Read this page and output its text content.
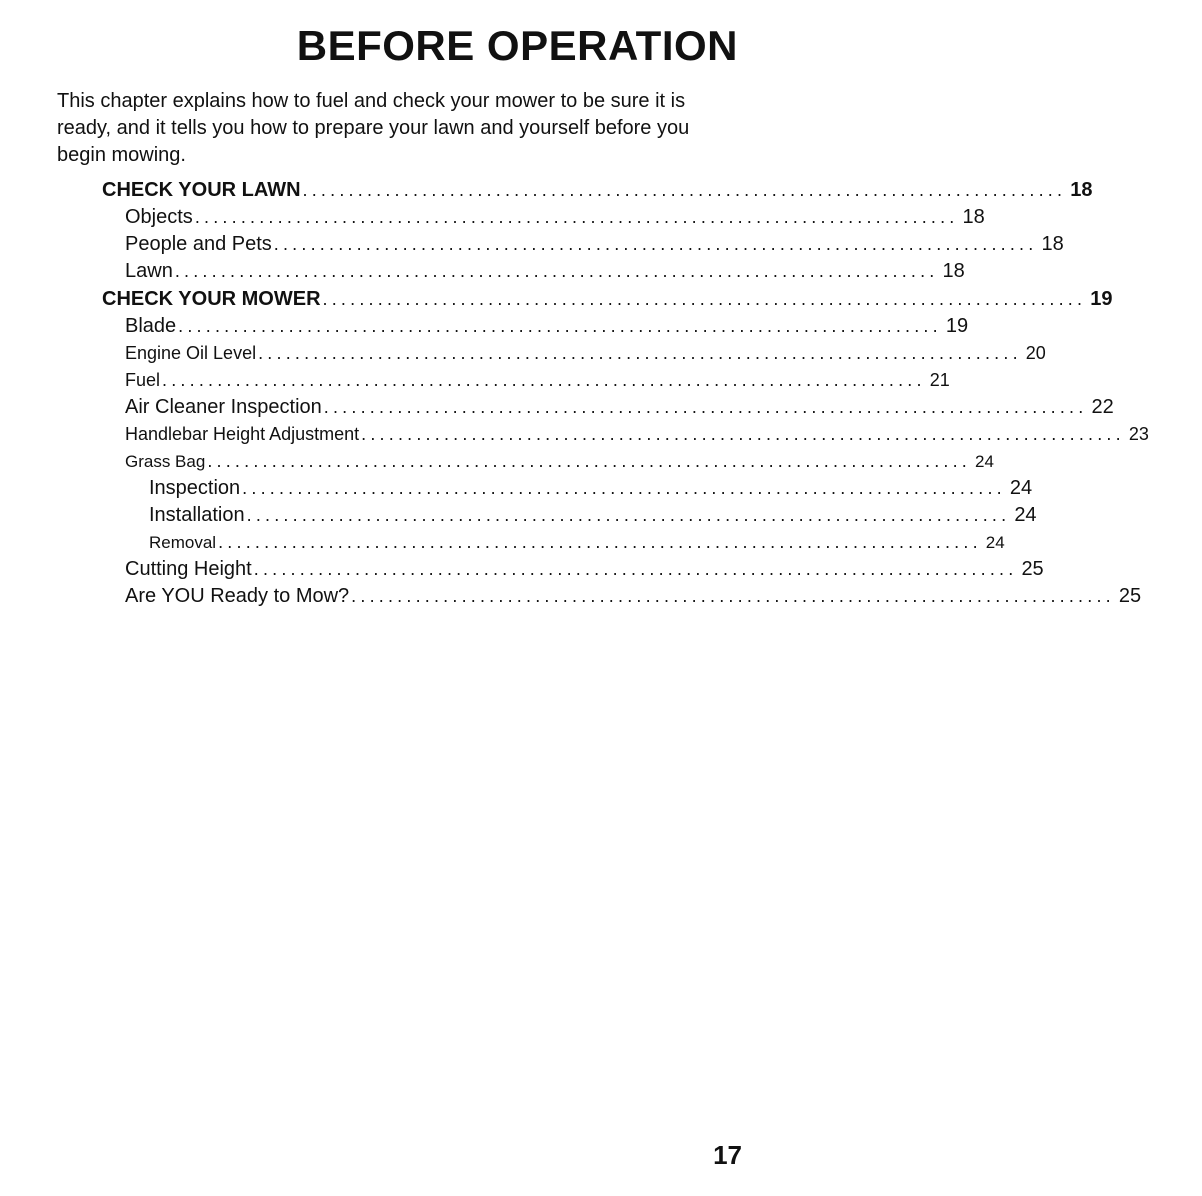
BEFORE OPERATION

This chapter explains how to fuel and check your mower to be sure it is ready, and it tells you how to prepare your lawn and yourself before you begin mowing.

CHECK YOUR LAWN ................................................................................... 18
Objects ................................................................................... 18
People and Pets ................................................................................... 18
Lawn ................................................................................... 18
CHECK YOUR MOWER ................................................................................... 19
Blade ................................................................................... 19
Engine Oil Level ................................................................................... 20
Fuel ................................................................................... 21
Air Cleaner Inspection ................................................................................... 22
Handlebar Height Adjustment ................................................................................... 23
Grass Bag ................................................................................... 24
Inspection ................................................................................... 24
Installation ................................................................................... 24
Removal ................................................................................... 24
Cutting Height ................................................................................... 25
Are YOU Ready to Mow? ................................................................................... 25

17
